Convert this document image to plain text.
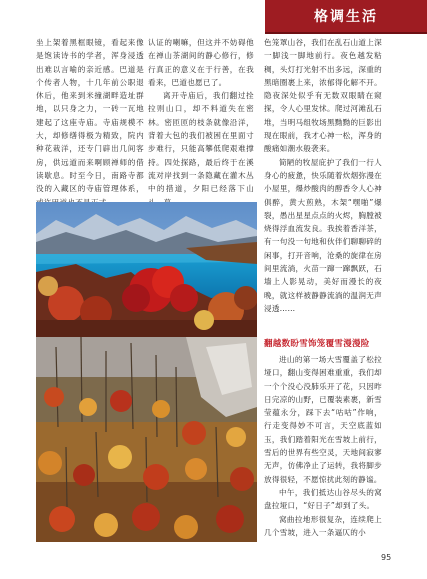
格调生活

坐上架着黑框眼镜，看起来像是饱读诗书的学者，浑身浸透出难以言喻的亲近感。巴道是个传者人物，十几年前公职退休后，他来到米撞湖畔造址群地，以只身之力，一砖一瓦地建起了这座寺庙。寺庙规模不大，却修缮得极为精致，院内种花栽洋，还专门辟出几间客房，供远道而来啊顾禅师的借读歇息。时至今日，南路寺都没的入藏区的寺庙管理体系，

认证的喇嘛，但这并不妨碍他在禅山茶湖间的静心修行，修行真正的意义在于行善，在我看来，巴道也愿已了。

离开寺庙后，我们翻过拴拉则山口，却不料道失在密林。密匝匝的枝条就像沿洋，背着大包的我们被困在里面寸步难行，只能高攀低爬艰难撑持。四处探路，最后终于在溪流对岸找到一条隐藏在灌木丛中的措道，夕阳已经落下山

色笼罩山谷，我们在乱石山道上深一脚浅一脚地前行。夜色越发粘稠，头灯打光射不出多远，深重的黑暗圈裹上来，浓郁得化解不开。隐夜深处似乎有无数双眼睛在窥探，令人心里发怵。爬过河滩乱石堆，当明马组牧场黑黝黝的巨影出现在眼前，我才心神一松，浑身的酸痛如潮水般袭来。

简陋的牧屋庇护了我们一行人身心的疲惫，快乐随着炊烟弥漫在小屋里，爆炒酸肉的醇香令人心神俱醉，黄大煎熟，木架“嘿啪”爆裂，愚出星星点点的火烬，胸膛被烧得浮血流发良。我挨着香洋茶，有一句没一句地和伙伴们聊聊碎的闲事，打开音响，沧桑的旋律在房间里流淌，火苗一蹿一蹿飘跃，石墙上人影晃动，美好而漫长的夜晚，就这样被静静流淌的温润无声浸透……

翻越数盼雪饰笼覆雪漫漫险

进山的第一场大雪覆盖了松拉垭口，翻山变得困难重重，我们却一个个没心没肺乐开了花，只因昨日完凉的山野，已覆装素裹，新雪莹蕴永分，踩下去“咕咕”作响，行走变得妙不可言，天空底蓝如玉，我们踏着阳光在雪坡上前行，雪后的世界有些空灵，天地间寂寥无声，仿佛净止了运转，我将脚步放得很轻，不愿惊扰此刻的静谧。

中午，我们抵达山谷尽头的窝盘拉垭口，“好日子”却到了头。

窝曲拉地形很复杂，连续爬上几个雪坡，进入一条逼仄的小

95
